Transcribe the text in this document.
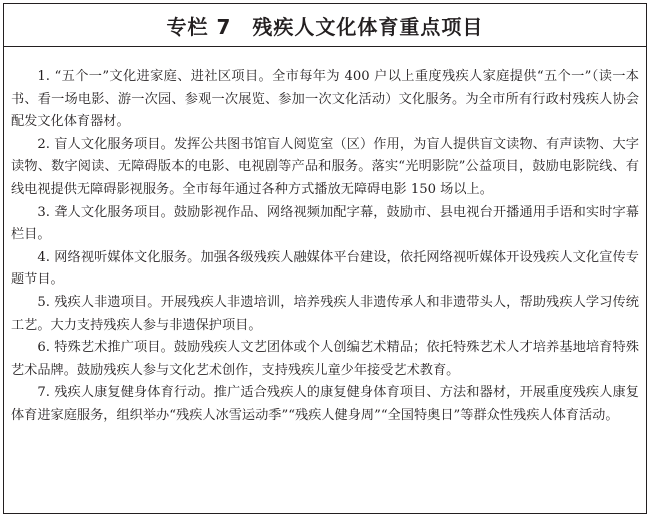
专栏 7　残疾人文化体育重点项目

1. “五个一”文化进家庭、进社区项目。全市每年为 400 户以上重度残疾人家庭提供“五个一”（读一本书、看一场电影、游一次园、参观一次展览、参加一次文化活动）文化服务。为全市所有行政村残疾人协会配发文化体育器材。

2. 盲人文化服务项目。发挥公共图书馆盲人阅览室（区）作用，为盲人提供盲文读物、有声读物、大字读物、数字阅读、无障碍版本的电影、电视剧等产品和服务。落实“光明影院”公益项目，鼓励电影院线、有线电视提供无障碍影视服务。全市每年通过各种方式播放无障碍电影 150 场以上。

3. 聋人文化服务项目。鼓励影视作品、网络视频加配字幕，鼓励市、县电视台开播通用手语和实时字幕栏目。

4. 网络视听媒体文化服务。加强各级残疾人融媒体平台建设，依托网络视听媒体开设残疾人文化宣传专题节目。

5. 残疾人非遗项目。开展残疾人非遗培训，培养残疾人非遗传承人和非遗带头人，帮助残疾人学习传统工艺。大力支持残疾人参与非遗保护项目。

6. 特殊艺术推广项目。鼓励残疾人文艺团体或个人创编艺术精品；依托特殊艺术人才培养基地培育特殊艺术品牌。鼓励残疾人参与文化艺术创作，支持残疾儿童少年接受艺术教育。

7. 残疾人康复健身体育行动。推广适合残疾人的康复健身体育项目、方法和器材，开展重度残疾人康复体育进家庭服务，组织举办“残疾人冰雪运动季”“残疾人健身周”“全国特奥日”等群众性残疾人体育活动。
